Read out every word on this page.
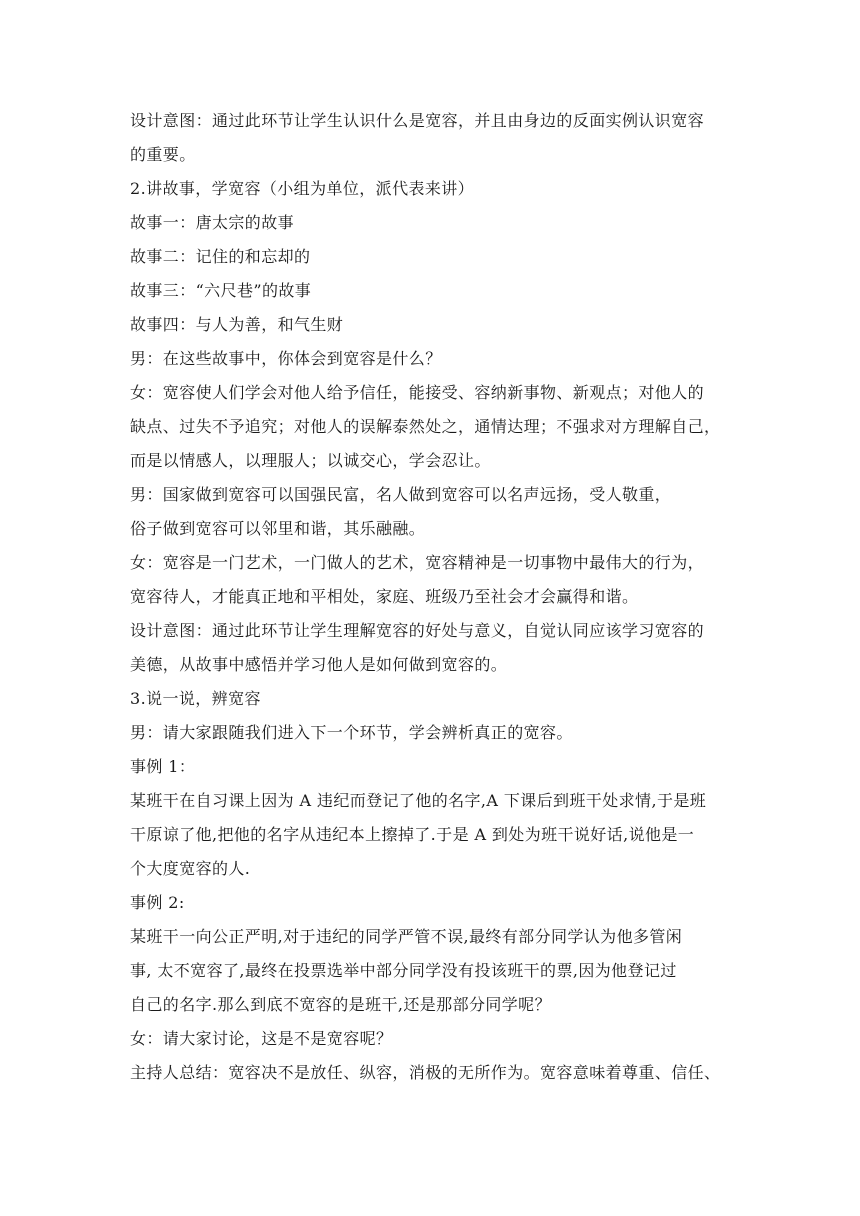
设计意图：通过此环节让学生认识什么是宽容，并且由身边的反面实例认识宽容

的重要。

2.讲故事，学宽容（小组为单位，派代表来讲）

故事一：唐太宗的故事

故事二：记住的和忘却的

故事三：“六尺巷”的故事

故事四：与人为善，和气生财

男：在这些故事中，你体会到宽容是什么？

女：宽容使人们学会对他人给予信任，能接受、容纳新事物、新观点；对他人的

缺点、过失不予追究；对他人的误解泰然处之，通情达理；不强求对方理解自己，

而是以情感人，以理服人；以诚交心，学会忍让。

男：国家做到宽容可以国强民富，名人做到宽容可以名声远扬，受人敬重，

俗子做到宽容可以邻里和谐，其乐融融。

女：宽容是一门艺术，一门做人的艺术，宽容精神是一切事物中最伟大的行为，

宽容待人，才能真正地和平相处，家庭、班级乃至社会才会赢得和谐。

设计意图：通过此环节让学生理解宽容的好处与意义，自觉认同应该学习宽容的

美德，从故事中感悟并学习他人是如何做到宽容的。

3.说一说，辨宽容

男：请大家跟随我们进入下一个环节，学会辨析真正的宽容。

事例 1：

某班干在自习课上因为 A 违纪而登记了他的名字,A 下课后到班干处求情,于是班

干原谅了他,把他的名字从违纪本上擦掉了.于是 A 到处为班干说好话,说他是一

个大度宽容的人.

事例 2:

某班干一向公正严明,对于违纪的同学严管不误,最终有部分同学认为他多管闲

事, 太不宽容了,最终在投票选举中部分同学没有投该班干的票,因为他登记过

自己的名字.那么到底不宽容的是班干,还是那部分同学呢？

女：请大家讨论，这是不是宽容呢？

主持人总结：宽容决不是放任、纵容，消极的无所作为。宽容意味着尊重、信任、
